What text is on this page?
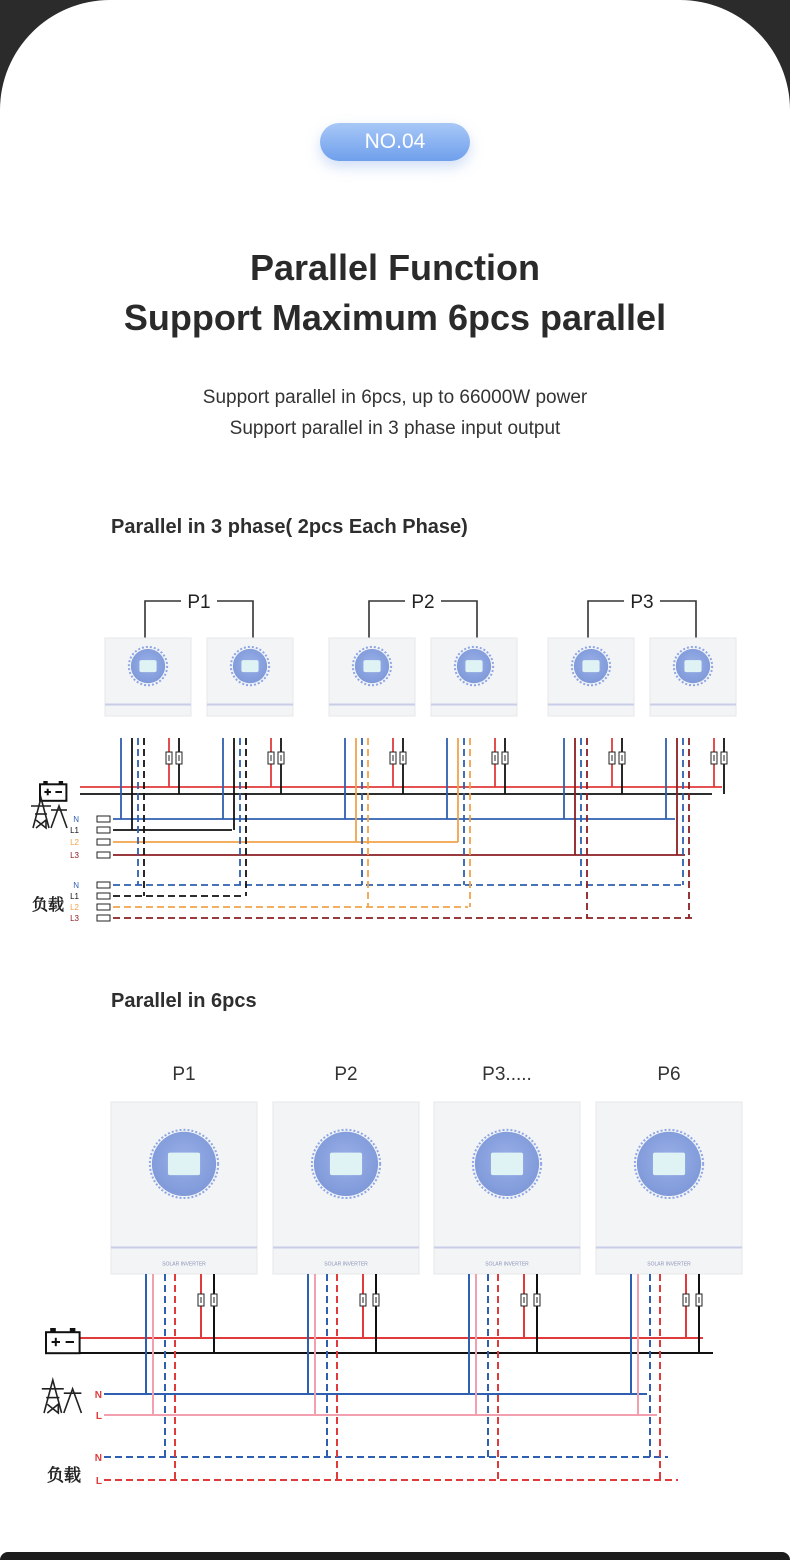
NO.04
Parallel Function
Support Maximum 6pcs parallel
Support parallel in 6pcs, up to 66000W power
Support parallel in 3 phase input output
Parallel in 3 phase( 2pcs Each Phase)
P1	P2	P3
N
L1
L2
L3
N
L1
L2
L3
负载
Parallel in 6pcs
P1	P2	P3.....	P6
SOLAR INVERTER	SOLAR INVERTER	SOLAR INVERTER	SOLAR INVERTER
N
L
N
L
负载
